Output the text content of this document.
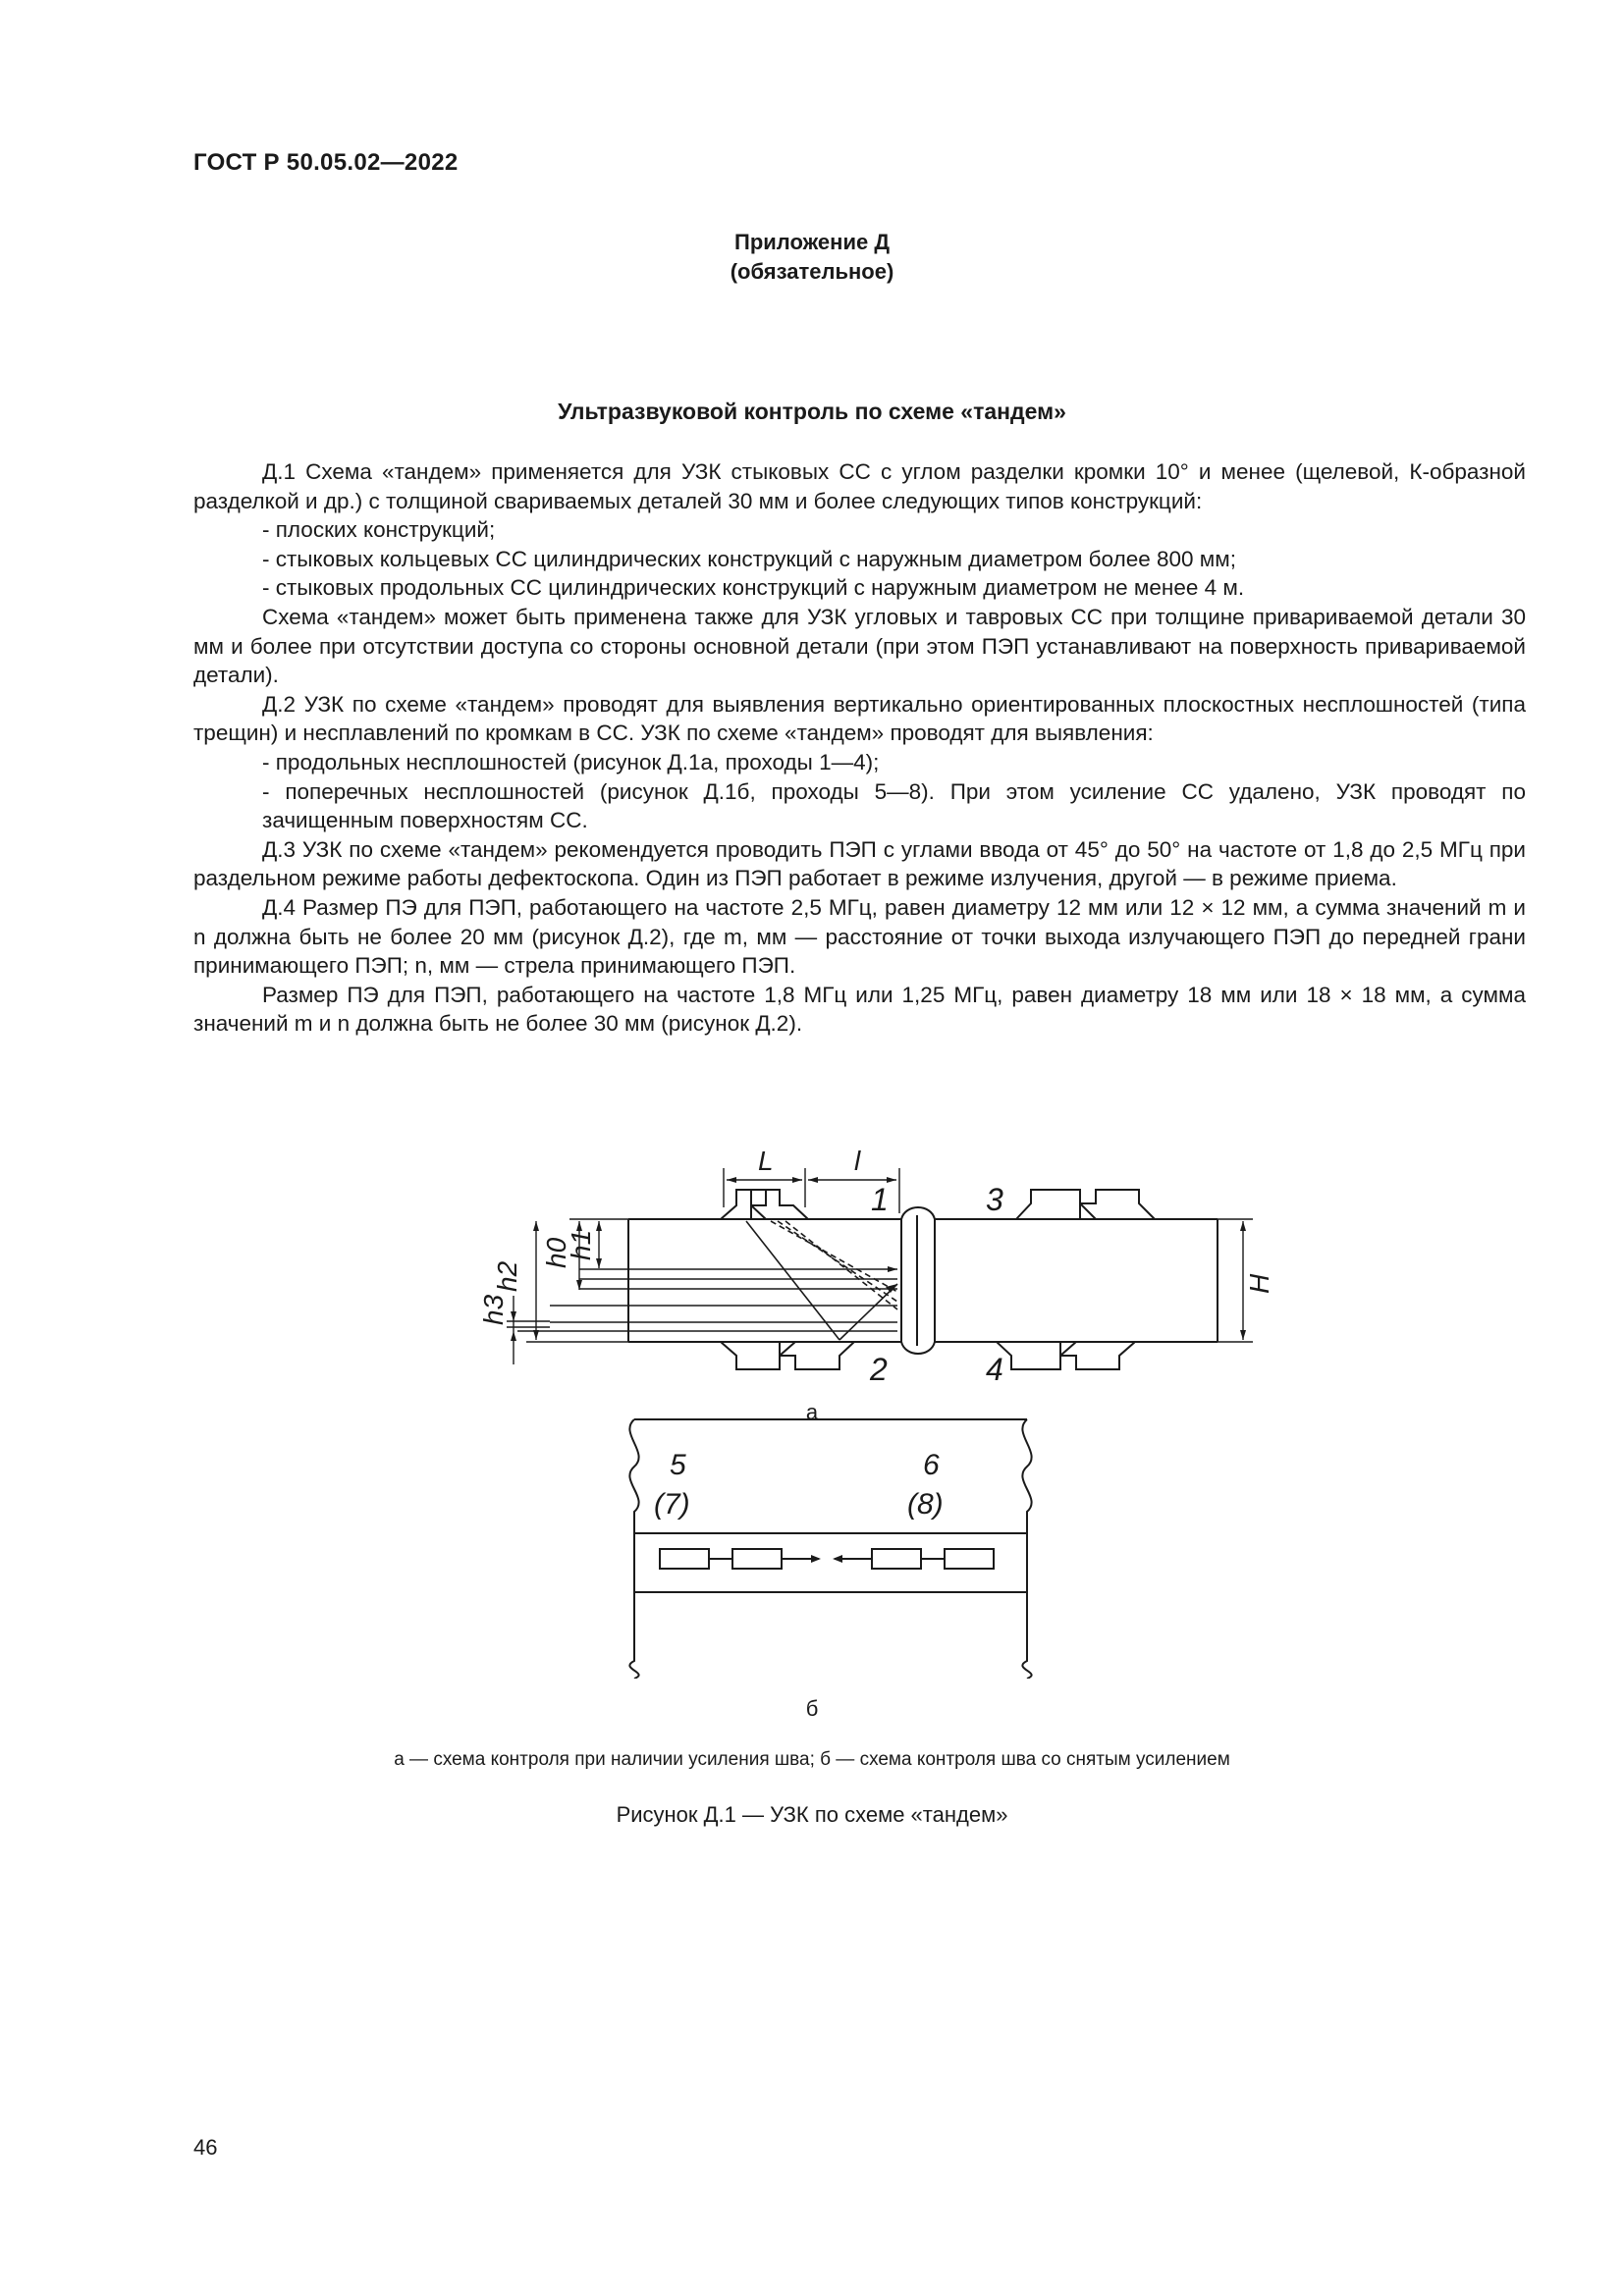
ГОСТ Р 50.05.02—2022
Приложение Д
(обязательное)
Ультразвуковой контроль по схеме «тандем»

Д.1 Схема «тандем» применяется для УЗК стыковых СС с углом разделки кромки 10° и менее (щелевой, К-образной разделкой и др.) с толщиной свариваемых деталей 30 мм и более следующих типов конструкций:

- плоских конструкций;

- стыковых кольцевых СС цилиндрических конструкций с наружным диаметром более 800 мм;

- стыковых продольных СС цилиндрических конструкций с наружным диаметром не менее 4 м.

Схема «тандем» может быть применена также для УЗК угловых и тавровых СС при толщине привариваемой детали 30 мм и более при отсутствии доступа со стороны основной детали (при этом ПЭП устанавливают на поверхность привариваемой детали).

Д.2 УЗК по схеме «тандем» проводят для выявления вертикально ориентированных плоскостных несплошностей (типа трещин) и несплавлений по кромкам в СС. УЗК по схеме «тандем» проводят для выявления:

- продольных несплошностей (рисунок Д.1а, проходы 1—4);

- поперечных несплошностей (рисунок Д.1б, проходы 5—8). При этом усиление СС удалено, УЗК проводят по зачищенным поверхностям СС.

Д.3 УЗК по схеме «тандем» рекомендуется проводить ПЭП с углами ввода от 45° до 50° на частоте от 1,8 до 2,5 МГц при раздельном режиме работы дефектоскопа. Один из ПЭП работает в режиме излучения, другой — в режиме приема.

Д.4 Размер ПЭ для ПЭП, работающего на частоте 2,5 МГц, равен диаметру 12 мм или 12 × 12 мм, а сумма значений m и n должна быть не более 20 мм (рисунок Д.2), где m, мм — расстояние от точки выхода излучающего ПЭП до передней грани принимающего ПЭП; n, мм — стрела принимающего ПЭП.

Размер ПЭ для ПЭП, работающего на частоте 1,8 МГц или 1,25 МГц, равен диаметру 18 мм или 18 × 18 мм, а сумма значений m и n должна быть не более 30 мм (рисунок Д.2).

L	l
1	3
2	4
h2
h0
h1
h3
H
а
5
(7)
6
(8)
б
а — схема контроля при наличии усиления шва; б — схема контроля шва со снятым усилением
Рисунок Д.1 — УЗК по схеме «тандем»
46
